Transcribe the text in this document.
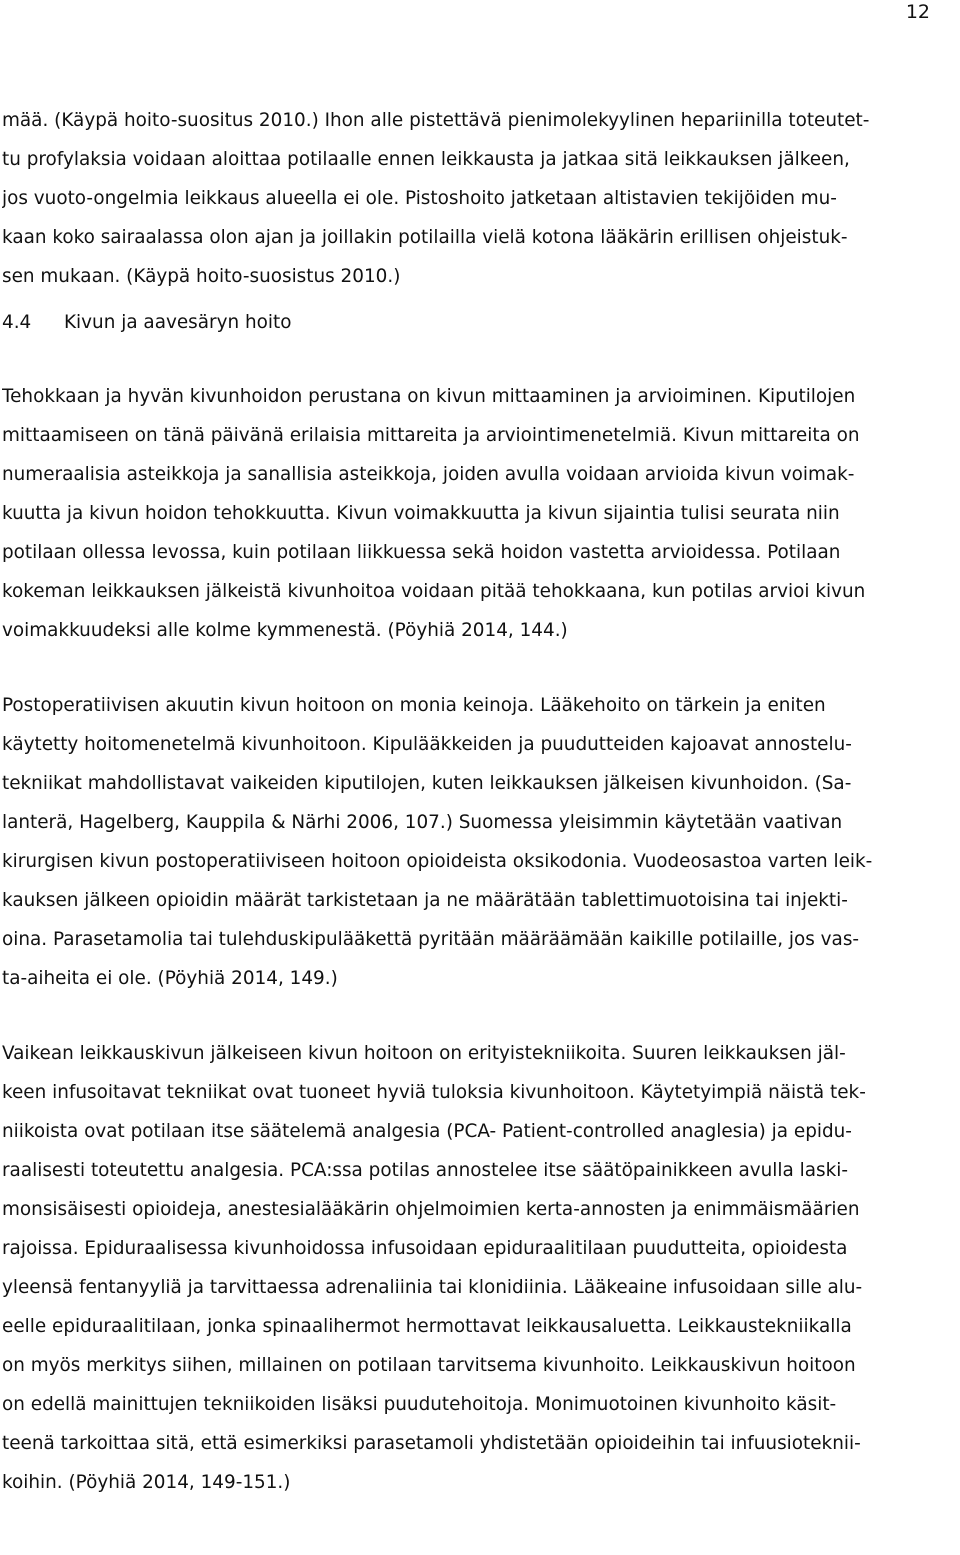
12
mää. (Käypä hoito-suositus 2010.) Ihon alle pistettävä pienimolekyylinen hepariinilla toteutet-
tu profylaksia voidaan aloittaa potilaalle ennen leikkausta ja jatkaa sitä leikkauksen jälkeen,
jos vuoto-ongelmia leikkaus alueella ei ole. Pistoshoito jatketaan altistavien tekijöiden mu-
kaan koko sairaalassa olon ajan ja joillakin potilailla vielä kotona lääkärin erillisen ohjeistuk-
sen mukaan. (Käypä hoito-suosistus 2010.)
4.4 Kivun ja aavesäryn hoito
Tehokkaan ja hyvän kivunhoidon perustana on kivun mittaaminen ja arvioiminen. Kiputilojen
mittaamiseen on tänä päivänä erilaisia mittareita ja arviointimenetelmiä. Kivun mittareita on
numeraalisia asteikkoja ja sanallisia asteikkoja, joiden avulla voidaan arvioida kivun voimak-
kuutta ja kivun hoidon tehokkuutta. Kivun voimakkuutta ja kivun sijaintia tulisi seurata niin
potilaan ollessa levossa, kuin potilaan liikkuessa sekä hoidon vastetta arvioidessa. Potilaan
kokeman leikkauksen jälkeistä kivunhoitoa voidaan pitää tehokkaana, kun potilas arvioi kivun
voimakkuudeksi alle kolme kymmenestä. (Pöyhiä 2014, 144.)
Postoperatiivisen akuutin kivun hoitoon on monia keinoja. Lääkehoito on tärkein ja eniten
käytetty hoitomenetelmä kivunhoitoon. Kipulääkkeiden ja puudutteiden kajoavat annostelu-
tekniikat mahdollistavat vaikeiden kiputilojen, kuten leikkauksen jälkeisen kivunhoidon. (Sa-
lanterä, Hagelberg, Kauppila & Närhi 2006, 107.) Suomessa yleisimmin käytetään vaativan
kirurgisen kivun postoperatiiviseen hoitoon opioideista oksikodonia. Vuodeosastoa varten leik-
kauksen jälkeen opioidin määrät tarkistetaan ja ne määrätään tablettimuotoisina tai injekti-
oina. Parasetamolia tai tulehduskipulääkettä pyritään määräämään kaikille potilaille, jos vas-
ta-aiheita ei ole. (Pöyhiä 2014, 149.)
Vaikean leikkauskivun jälkeiseen kivun hoitoon on erityistekniikoita. Suuren leikkauksen jäl-
keen infusoitavat tekniikat ovat tuoneet hyviä tuloksia kivunhoitoon. Käytetyimpiä näistä tek-
niikoista ovat potilaan itse säätelemä analgesia (PCA- Patient-controlled anaglesia) ja epidu-
raalisesti toteutettu analgesia. PCA:ssa potilas annostelee itse säätöpainikkeen avulla laski-
monsisäisesti opioideja, anestesialääkärin ohjelmoimien kerta-annosten ja enimmäismäärien
rajoissa. Epiduraalisessa kivunhoidossa infusoidaan epiduraalitilaan puudutteita, opioidesta
yleensä fentanyyliä ja tarvittaessa adrenaliinia tai klonidiinia. Lääkeaine infusoidaan sille alu-
eelle epiduraalitilaan, jonka spinaalihermot hermottavat leikkausaluetta. Leikkaustekniikalla
on myös merkitys siihen, millainen on potilaan tarvitsema kivunhoito. Leikkauskivun hoitoon
on edellä mainittujen tekniikoiden lisäksi puudutehoitoja. Monimuotoinen kivunhoito käsit-
teenä tarkoittaa sitä, että esimerkiksi parasetamoli yhdistetään opioideihin tai infuusioteknii-
koihin. (Pöyhiä 2014, 149-151.)
